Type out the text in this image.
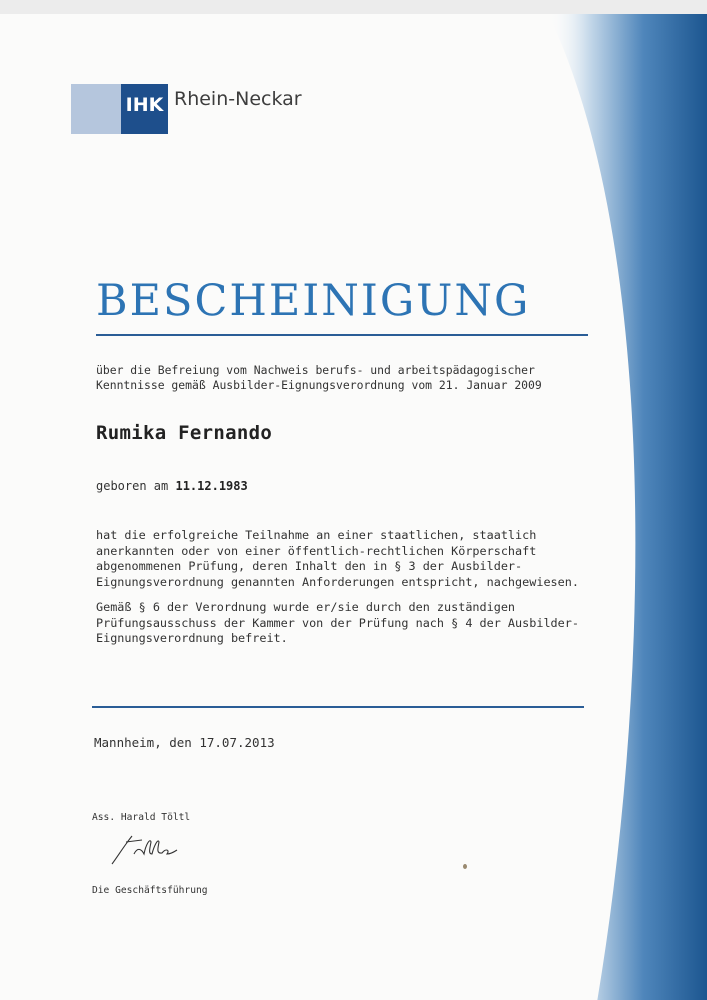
IHK Rhein-Neckar
BESCHEINIGUNG

über die Befreiung vom Nachweis berufs- und arbeitspädagogischer
Kenntnisse gemäß Ausbilder-Eignungsverordnung vom 21. Januar 2009

Rumika Fernando

geboren am 11.12.1983

hat die erfolgreiche Teilnahme an einer staatlichen, staatlich
anerkannten oder von einer öffentlich-rechtlichen Körperschaft
abgenommenen Prüfung, deren Inhalt den in § 3 der Ausbilder-
Eignungsverordnung genannten Anforderungen entspricht, nachgewiesen.

Gemäß § 6 der Verordnung wurde er/sie durch den zuständigen
Prüfungsausschuss der Kammer von der Prüfung nach § 4 der Ausbilder-
Eignungsverordnung befreit.

Mannheim, den 17.07.2013

Ass. Harald Töltl

Die Geschäftsführung
